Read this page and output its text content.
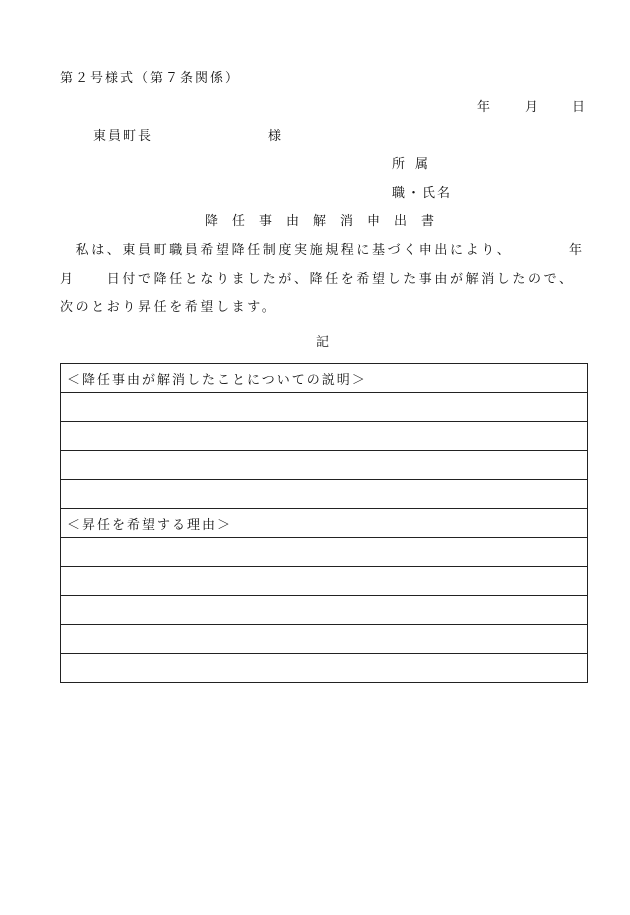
第２号様式（第７条関係）
年	月	日
東員町長	様
所属
職・氏名
降任事由解消申出書
　私は、東員町職員希望降任制度実施規程に基づく申出により、	年
月　　日付で降任となりましたが、降任を希望した事由が解消したので、
次のとおり昇任を希望します。
記
＜降任事由が解消したことについての説明＞

＜昇任を希望する理由＞
